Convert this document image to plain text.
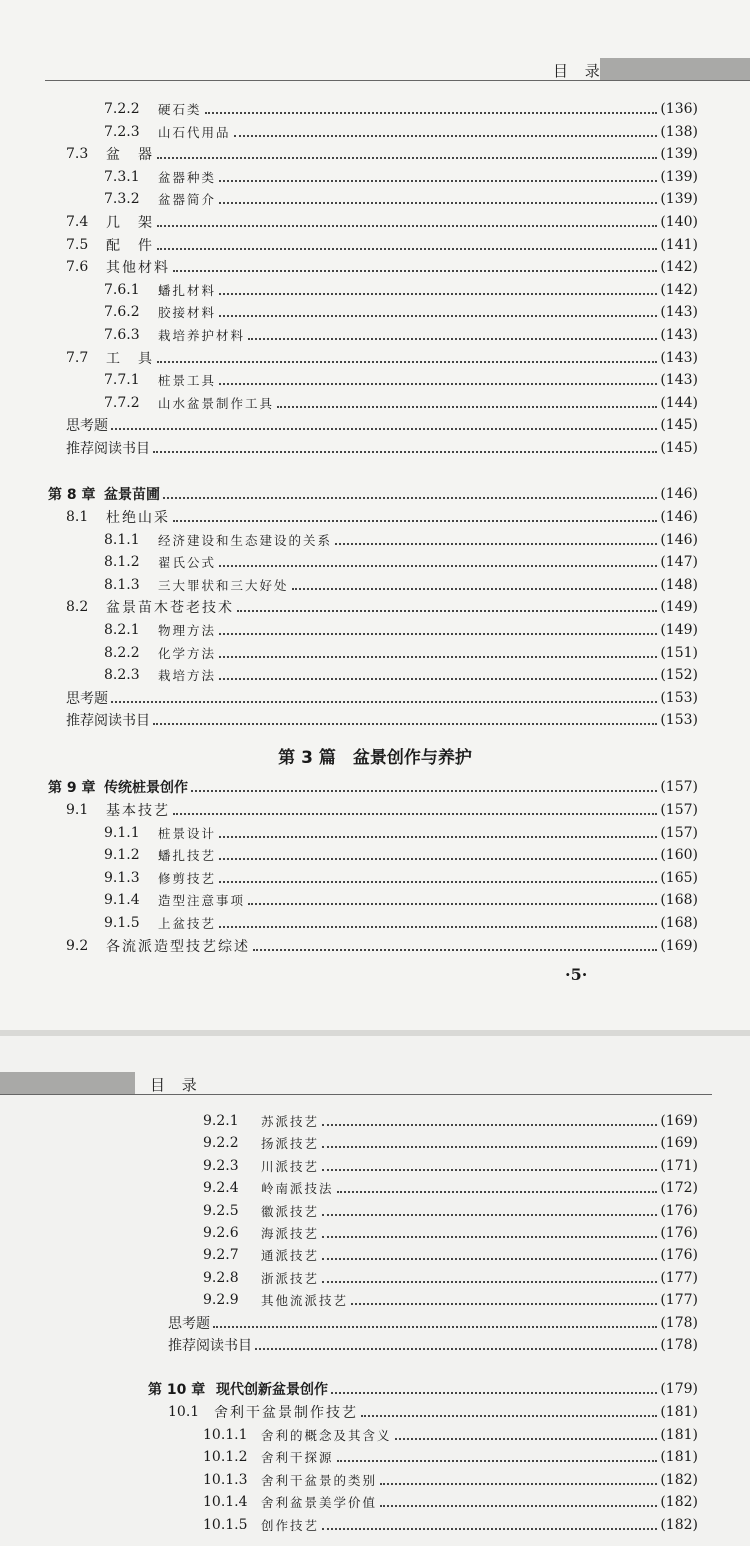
目 录
7.2.2	硬石类	(136)
7.2.3	山石代用品	(138)
7.3	盆　器	(139)
7.3.1	盆器种类	(139)
7.3.2	盆器简介	(139)
7.4	几　架	(140)
7.5	配　件	(141)
7.6	其他材料	(142)
7.6.1	蟠扎材料	(142)
7.6.2	胶接材料	(143)
7.6.3	栽培养护材料	(143)
7.7	工　具	(143)
7.7.1	桩景工具	(143)
7.7.2	山水盆景制作工具	(144)
思考题	(145)
推荐阅读书目	(145)
第 8 章 盆景苗圃	(146)
8.1	杜绝山采	(146)
8.1.1	经济建设和生态建设的关系	(146)
8.1.2	翟氏公式	(147)
8.1.3	三大罪状和三大好处	(148)
8.2	盆景苗木苍老技术	(149)
8.2.1	物理方法	(149)
8.2.2	化学方法	(151)
8.2.3	栽培方法	(152)
思考题	(153)
推荐阅读书目	(153)
第 9 章 传统桩景创作	(157)
9.1	基本技艺	(157)
9.1.1	桩景设计	(157)
9.1.2	蟠扎技艺	(160)
9.1.3	修剪技艺	(165)
9.1.4	造型注意事项	(168)
9.1.5	上盆技艺	(168)
9.2	各流派造型技艺综述	(169)
第 3 篇　盆景创作与养护
·5·
目 录
9.2.1	苏派技艺	(169)
9.2.2	扬派技艺	(169)
9.2.3	川派技艺	(171)
9.2.4	岭南派技法	(172)
9.2.5	徽派技艺	(176)
9.2.6	海派技艺	(176)
9.2.7	通派技艺	(176)
9.2.8	浙派技艺	(177)
9.2.9	其他流派技艺	(177)
思考题	(178)
推荐阅读书目	(178)
第 10 章 现代创新盆景创作	(179)
10.1	舍利干盆景制作技艺	(181)
10.1.1	舍利的概念及其含义	(181)
10.1.2	舍利干探源	(181)
10.1.3	舍利干盆景的类别	(182)
10.1.4	舍利盆景美学价值	(182)
10.1.5	创作技艺	(182)
